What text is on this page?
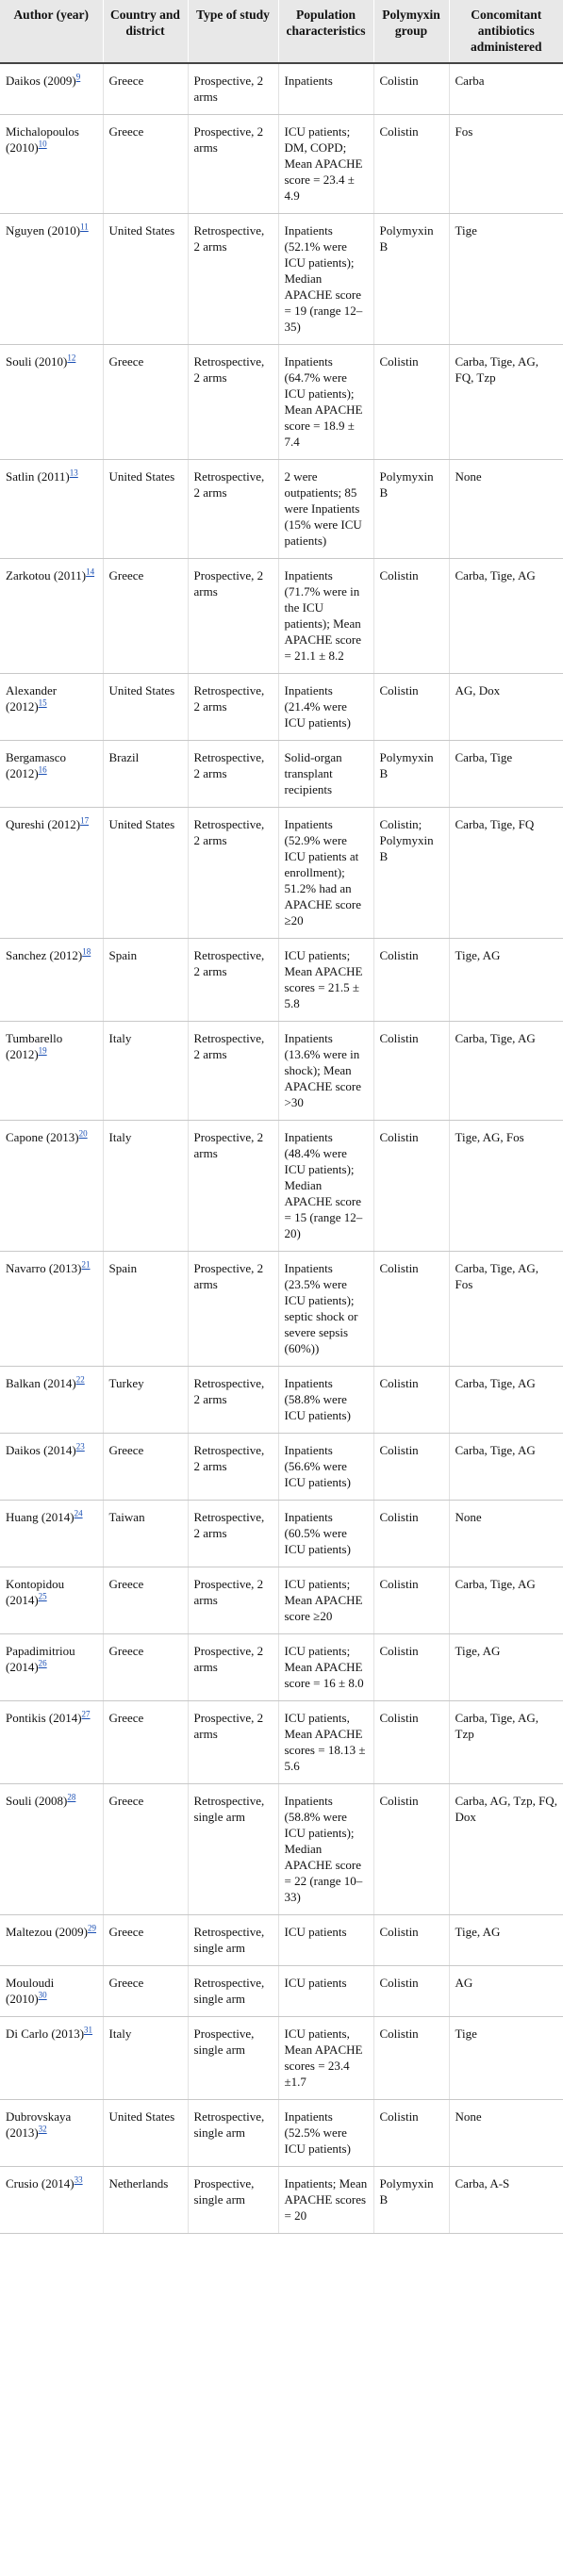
Author (year)	Country and district	Type of study	Population characteristics	Polymyxin group	Concomitant antibiotics administered
Daikos (2009)$^9$	Greece	Prospective, 2 arms	Inpatients	Colistin	Carba
Michalopoulos (2010)$^{10}$	Greece	Prospective, 2 arms	ICU patients; DM, COPD; Mean APACHE score = 23.4 ± 4.9	Colistin	Fos
Nguyen (2010)$^{11}$	United States	Retrospective, 2 arms	Inpatients (52.1% were ICU patients); Median APACHE score = 19 (range 12–35)	Polymyxin B	Tige
Souli (2010)$^{12}$	Greece	Retrospective, 2 arms	Inpatients (64.7% were ICU patients); Mean APACHE score = 18.9 ± 7.4	Colistin	Carba, Tige, AG, FQ, Tzp
Satlin (2011)$^{13}$	United States	Retrospective, 2 arms	2 were outpatients; 85 were Inpatients (15% were ICU patients)	Polymyxin B	None
Zarkotou (2011)$^{14}$	Greece	Prospective, 2 arms	Inpatients (71.7% were in the ICU patients); Mean APACHE score = 21.1 ± 8.2	Colistin	Carba, Tige, AG
Alexander (2012)$^{15}$	United States	Retrospective, 2 arms	Inpatients (21.4% were ICU patients)	Colistin	AG, Dox
Bergamasco (2012)$^{16}$	Brazil	Retrospective, 2 arms	Solid-organ transplant recipients	Polymyxin B	Carba, Tige
Qureshi (2012)$^{17}$	United States	Retrospective, 2 arms	Inpatients (52.9% were ICU patients at enrollment); 51.2% had an APACHE score ≥20	Colistin; Polymyxin B	Carba, Tige, FQ
Sanchez (2012)$^{18}$	Spain	Retrospective, 2 arms	ICU patients; Mean APACHE scores = 21.5 ± 5.8	Colistin	Tige, AG
Tumbarello (2012)$^{19}$	Italy	Retrospective, 2 arms	Inpatients (13.6% were in shock); Mean APACHE score >30	Colistin	Carba, Tige, AG
Capone (2013)$^{20}$	Italy	Prospective, 2 arms	Inpatients (48.4% were ICU patients); Median APACHE score = 15 (range 12–20)	Colistin	Tige, AG, Fos
Navarro (2013)$^{21}$	Spain	Prospective, 2 arms	Inpatients (23.5% were ICU patients); septic shock or severe sepsis (60%))	Colistin	Carba, Tige, AG, Fos
Balkan (2014)$^{22}$	Turkey	Retrospective, 2 arms	Inpatients (58.8% were ICU patients)	Colistin	Carba, Tige, AG
Daikos (2014)$^{23}$	Greece	Retrospective, 2 arms	Inpatients (56.6% were ICU patients)	Colistin	Carba, Tige, AG
Huang (2014)$^{24}$	Taiwan	Retrospective, 2 arms	Inpatients (60.5% were ICU patients)	Colistin	None
Kontopidou (2014)$^{25}$	Greece	Prospective, 2 arms	ICU patients; Mean APACHE score ≥20	Colistin	Carba, Tige, AG
Papadimitriou (2014)$^{26}$	Greece	Prospective, 2 arms	ICU patients; Mean APACHE score = 16 ± 8.0	Colistin	Tige, AG
Pontikis (2014)$^{27}$	Greece	Prospective, 2 arms	ICU patients, Mean APACHE scores = 18.13 ± 5.6	Colistin	Carba, Tige, AG, Tzp
Souli (2008)$^{28}$	Greece	Retrospective, single arm	Inpatients (58.8% were ICU patients); Median APACHE score = 22 (range 10–33)	Colistin	Carba, AG, Tzp, FQ, Dox
Maltezou (2009)$^{29}$	Greece	Retrospective, single arm	ICU patients	Colistin	Tige, AG
Mouloudi (2010)$^{30}$	Greece	Retrospective, single arm	ICU patients	Colistin	AG
Di Carlo (2013)$^{31}$	Italy	Prospective, single arm	ICU patients, Mean APACHE scores = 23.4 ±1.7	Colistin	Tige
Dubrovskaya (2013)$^{32}$	United States	Retrospective, single arm	Inpatients (52.5% were ICU patients)	Colistin	None
Crusio (2014)$^{33}$	Netherlands	Prospective, single arm	Inpatients; Mean APACHE scores = 20	Polymyxin B	Carba, A-S
